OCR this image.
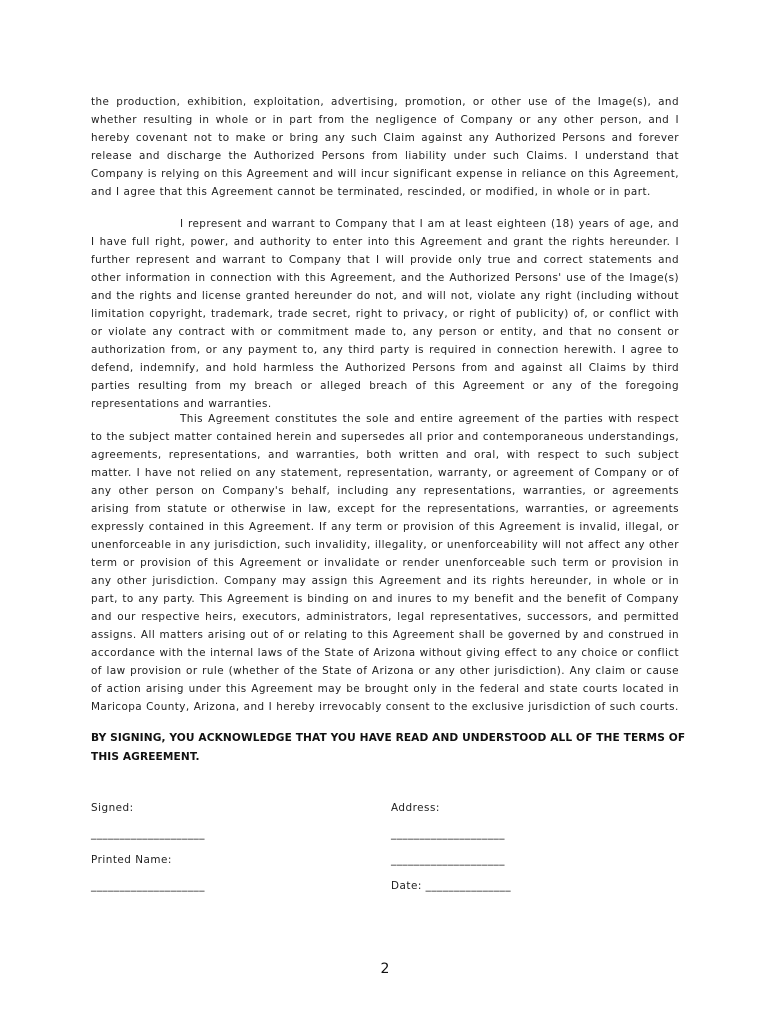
the production, exhibition, exploitation, advertising, promotion, or other use of the Image(s), and whether resulting in whole or in part from the negligence of Company or any other person, and I hereby covenant not to make or bring any such Claim against any Authorized Persons and forever release and discharge the Authorized Persons from liability under such Claims. I understand that Company is relying on this Agreement and will incur significant expense in reliance on this Agreement, and I agree that this Agreement cannot be terminated, rescinded, or modified, in whole or in part.

I represent and warrant to Company that I am at least eighteen (18) years of age, and I have full right, power, and authority to enter into this Agreement and grant the rights hereunder. I further represent and warrant to Company that I will provide only true and correct statements and other information in connection with this Agreement, and the Authorized Persons' use of the Image(s) and the rights and license granted hereunder do not, and will not, violate any right (including without limitation copyright, trademark, trade secret, right to privacy, or right of publicity) of, or conflict with or violate any contract with or commitment made to, any person or entity, and that no consent or authorization from, or any payment to, any third party is required in connection herewith. I agree to defend, indemnify, and hold harmless the Authorized Persons from and against all Claims by third parties resulting from my breach or alleged breach of this Agreement or any of the foregoing representations and warranties.

This Agreement constitutes the sole and entire agreement of the parties with respect to the subject matter contained herein and supersedes all prior and contemporaneous understandings, agreements, representations, and warranties, both written and oral, with respect to such subject matter. I have not relied on any statement, representation, warranty, or agreement of Company or of any other person on Company's behalf, including any representations, warranties, or agreements arising from statute or otherwise in law, except for the representations, warranties, or agreements expressly contained in this Agreement. If any term or provision of this Agreement is invalid, illegal, or unenforceable in any jurisdiction, such invalidity, illegality, or unenforceability will not affect any other term or provision of this Agreement or invalidate or render unenforceable such term or provision in any other jurisdiction. Company may assign this Agreement and its rights hereunder, in whole or in part, to any party. This Agreement is binding on and inures to my benefit and the benefit of Company and our respective heirs, executors, administrators, legal representatives, successors, and permitted assigns. All matters arising out of or relating to this Agreement shall be governed by and construed in accordance with the internal laws of the State of Arizona without giving effect to any choice or conflict of law provision or rule (whether of the State of Arizona or any other jurisdiction). Any claim or cause of action arising under this Agreement may be brought only in the federal and state courts located in Maricopa County, Arizona, and I hereby irrevocably consent to the exclusive jurisdiction of such courts.

BY SIGNING, YOU ACKNOWLEDGE THAT YOU HAVE READ AND UNDERSTOOD ALL OF THE TERMS OF THIS AGREEMENT.

Signed:	Address:
____________________	____________________
Printed Name:	____________________
____________________	Date: _______________
2
